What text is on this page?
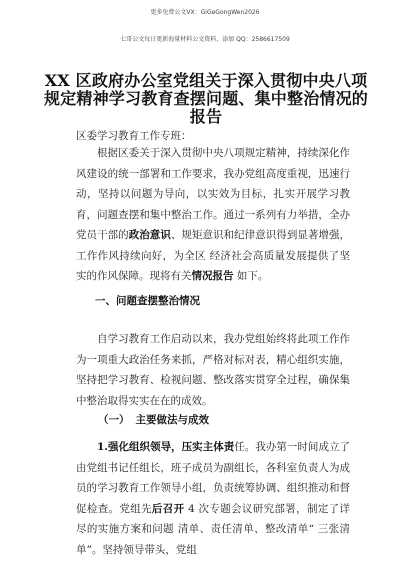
更多免费公文VX：GiGeGongWen2026
七哥公文每日更新海量材料公文资料，添加 QQ：2586617509
XX 区政府办公室党组关于深入贯彻中央八项规定精神学习教育查摆问题、集中整治情况的
报告
区委学习教育工作专班：
根据区委关于深入贯彻中央八项规定精神，持续深化作风建设的统一部署和工作要求，我办党组高度重视，迅速行动，坚持以问题为导向，以实效为目标，扎实开展学习教育，问题查摆和集中整治工作。通过一系列有力举措，全办党员干部的政治意识、规矩意识和纪律意识得到显著增强，工作作风持续向好，为全区 经济社会高质量发展提供了坚实的作风保障。现将有关情况报告 如下。
一、问题查摆整治情况
自学习教育工作启动以来，我办党组始终将此项工作作为一项重大政治任务来抓，严格对标对表，精心组织实施，坚持把学习教育、检视问题、整改落实贯穿全过程，确保集中整治取得实实在在的成效。
（一） 主要做法与成效
1.强化组织领导，压实主体责任。我办第一时间成立了由党组书记任组长，班子成员为副组长，各科室负责人为成员的学习教育工作领导小组，负责统筹协调、组织推动和督促检查。党组先后召开 4 次专题会议研究部署，制定了详尽的实施方案和问题 清单、责任清单、整改清单“ 三张清单”。坚持领导带头，党组
